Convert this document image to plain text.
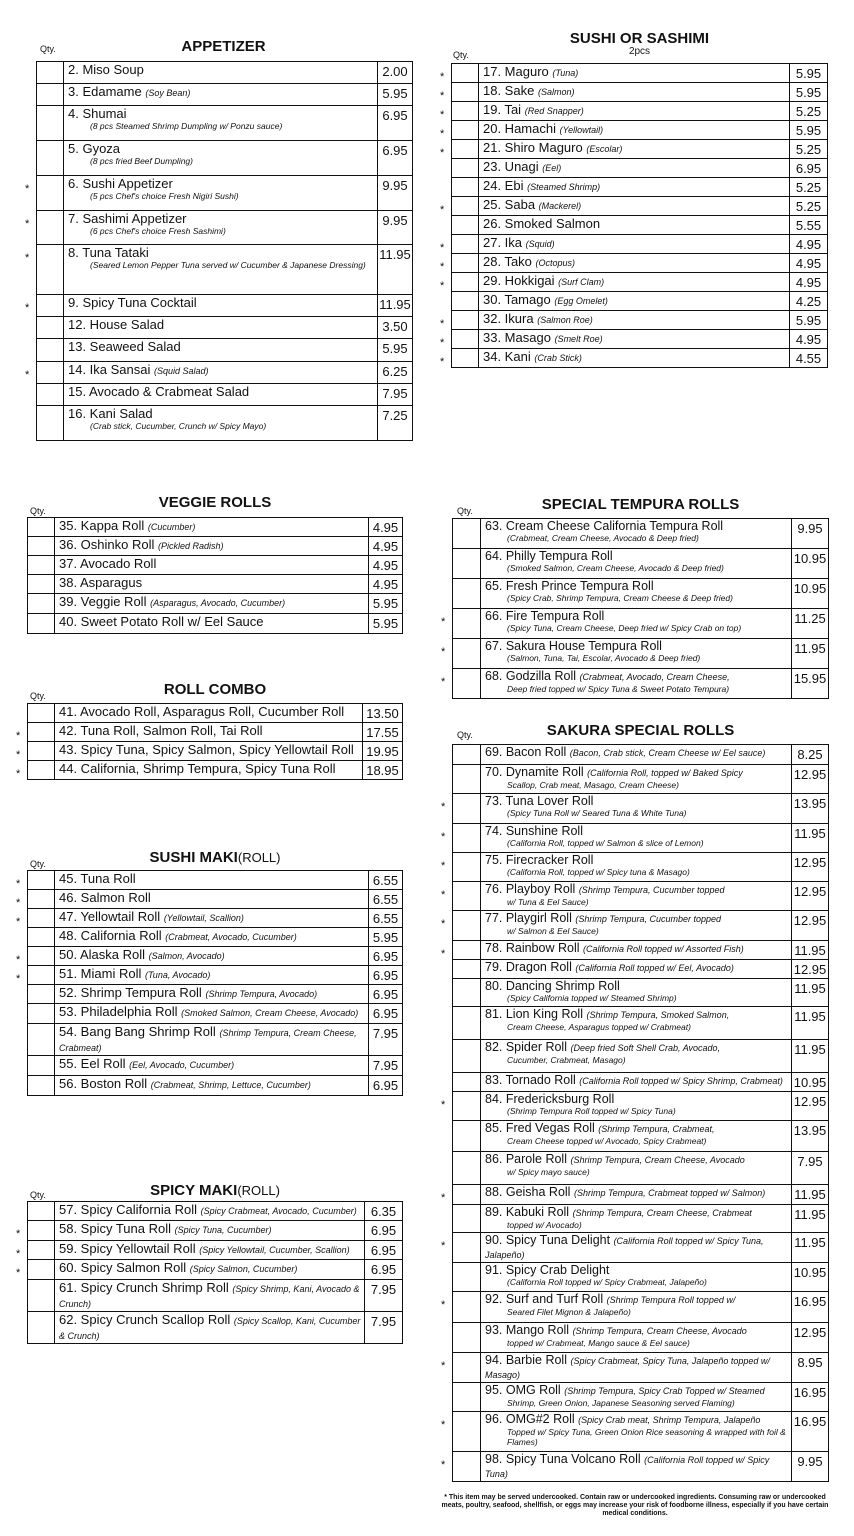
Qty.	APPETIZER
	2. Miso Soup	2.00
	3. Edamame (Soy Bean)	5.95
	4. Shumai
(8 pcs Steamed Shrimp Dumpling w/ Ponzu sauce)	6.95
	5. Gyoza
(8 pcs fried Beef Dumpling)	6.95
*	6. Sushi Appetizer
(5 pcs Chef's choice Fresh Nigiri Sushi)	9.95
*	7. Sashimi Appetizer
(6 pcs Chef's choice Fresh Sashimi)	9.95
*	8. Tuna Tataki
(Seared Lemon Pepper Tuna served w/ Cucumber & Japanese Dressing)	11.95
*	9. Spicy Tuna Cocktail	11.95
	12. House Salad	3.50
	13. Seaweed Salad	5.95
*	14. Ika Sansai (Squid Salad)	6.25
	15. Avocado & Crabmeat Salad	7.95
	16. Kani Salad
(Crab stick, Cucumber, Crunch w/ Spicy Mayo)	7.25
Qty.
SUSHI OR SASHIMI
2pcs
*	17. Maguro (Tuna)	5.95
*	18. Sake (Salmon)	5.95
*	19. Tai (Red Snapper)	5.25
*	20. Hamachi (Yellowtail)	5.95
*	21. Shiro Maguro (Escolar)	5.25
	23. Unagi (Eel)	6.95
	24. Ebi (Steamed Shrimp)	5.25
*	25. Saba (Mackerel)	5.25
	26. Smoked Salmon	5.55
*	27. Ika (Squid)	4.95
*	28. Tako (Octopus)	4.95
*	29. Hokkigai (Surf Clam)	4.95
	30. Tamago (Egg Omelet)	4.25
*	32. Ikura (Salmon Roe)	5.95
*	33. Masago (Smelt Roe)	4.95
*	34. Kani (Crab Stick)	4.55
Qty.	VEGGIE ROLLS
	35. Kappa Roll (Cucumber)	4.95
	36. Oshinko Roll (Pickled Radish)	4.95
	37. Avocado Roll	4.95
	38. Asparagus	4.95
	39. Veggie Roll (Asparagus, Avocado, Cucumber)	5.95
	40. Sweet Potato Roll w/ Eel Sauce	5.95
Qty.	ROLL COMBO
	41. Avocado Roll, Asparagus Roll, Cucumber Roll	13.50
*	42. Tuna Roll, Salmon Roll, Tai Roll	17.55
*	43. Spicy Tuna, Spicy Salmon, Spicy Yellowtail Roll	19.95
*	44. California, Shrimp Tempura, Spicy Tuna Roll	18.95
Qty.	SUSHI MAKI(ROLL)
*	45. Tuna Roll	6.55
*	46. Salmon Roll	6.55
*	47. Yellowtail Roll (Yellowtail, Scallion)	6.55
	48. California Roll (Crabmeat, Avocado, Cucumber)	5.95
*	50. Alaska Roll (Salmon, Avocado)	6.95
*	51. Miami Roll (Tuna, Avocado)	6.95
	52. Shrimp Tempura Roll (Shrimp Tempura, Avocado)	6.95
	53. Philadelphia Roll (Smoked Salmon, Cream Cheese, Avocado)	6.95
	54. Bang Bang Shrimp Roll (Shrimp Tempura, Cream Cheese, Crabmeat)	7.95
	55. Eel Roll (Eel, Avocado, Cucumber)	7.95
	56. Boston Roll (Crabmeat, Shrimp, Lettuce, Cucumber)	6.95
Qty.	SPICY MAKI(ROLL)
	57. Spicy California Roll (Spicy Crabmeat, Avocado, Cucumber)	6.35
*	58. Spicy Tuna Roll (Spicy Tuna, Cucumber)	6.95
*	59. Spicy Yellowtail Roll (Spicy Yellowtail, Cucumber, Scallion)	6.95
*	60. Spicy Salmon Roll (Spicy Salmon, Cucumber)	6.95
	61. Spicy Crunch Shrimp Roll (Spicy Shrimp, Kani, Avocado & Crunch)	7.95
	62. Spicy Crunch Scallop Roll (Spicy Scallop, Kani, Cucumber & Crunch)	7.95
Qty.	SPECIAL TEMPURA ROLLS
	63. Cream Cheese California Tempura Roll
(Crabmeat, Cream Cheese, Avocado & Deep fried)	9.95
	64. Philly Tempura Roll
(Smoked Salmon, Cream Cheese, Avocado & Deep fried)	10.95
	65. Fresh Prince Tempura Roll
(Spicy Crab, Shrimp Tempura, Cream Cheese & Deep fried)	10.95
*	66. Fire Tempura Roll
(Spicy Tuna, Cream Cheese, Deep fried w/ Spicy Crab on top)	11.25
*	67. Sakura House Tempura Roll
(Salmon, Tuna, Tai, Escolar, Avocado & Deep fried)	11.95
*	68. Godzilla Roll (Crabmeat, Avocado, Cream Cheese,
Deep fried topped w/ Spicy Tuna & Sweet Potato Tempura)	15.95
Qty.	SAKURA SPECIAL ROLLS
	69. Bacon Roll (Bacon, Crab stick, Cream Cheese w/ Eel sauce)	8.25
	70. Dynamite Roll (California Roll, topped w/ Baked Spicy
Scallop, Crab meat, Masago, Cream Cheese)	12.95
*	73. Tuna Lover Roll
(Spicy Tuna Roll w/ Seared Tuna & White Tuna)	13.95
*	74. Sunshine Roll
(California Roll, topped w/ Salmon & slice of Lemon)	11.95
*	75. Firecracker Roll
(California Roll, topped w/ Spicy tuna & Masago)	12.95
*	76. Playboy Roll (Shrimp Tempura, Cucumber topped
w/ Tuna & Eel Sauce)	12.95
*	77. Playgirl Roll (Shrimp Tempura, Cucumber topped
w/ Salmon & Eel Sauce)	12.95
*	78. Rainbow Roll (California Roll topped w/ Assorted Fish)	11.95
	79. Dragon Roll (California Roll topped w/ Eel, Avocado)	12.95
	80. Dancing Shrimp Roll
(Spicy California topped w/ Steamed Shrimp)	11.95
	81. Lion King Roll (Shrimp Tempura, Smoked Salmon,
Cream Cheese, Asparagus topped w/ Crabmeat)	11.95
	82. Spider Roll (Deep fried Soft Shell Crab, Avocado,
Cucumber, Crabmeat, Masago)	11.95
	83. Tornado Roll (California Roll topped w/ Spicy Shrimp, Crabmeat)	10.95
*	84. Fredericksburg Roll
(Shrimp Tempura Roll topped w/ Spicy Tuna)	12.95
	85. Fred Vegas Roll (Shrimp Tempura, Crabmeat,
Cream Cheese topped w/ Avocado, Spicy Crabmeat)	13.95
	86. Parole Roll (Shrimp Tempura, Cream Cheese, Avocado
w/ Spicy mayo sauce)	7.95
*	88. Geisha Roll (Shrimp Tempura, Crabmeat topped w/ Salmon)	11.95
	89. Kabuki Roll (Shrimp Tempura, Cream Cheese, Crabmeat
topped w/ Avocado)	11.95
*	90. Spicy Tuna Delight (California Roll topped w/ Spicy Tuna, Jalapeño)	11.95
	91. Spicy Crab Delight
(California Roll topped w/ Spicy Crabmeat, Jalapeño)	10.95
*	92. Surf and Turf Roll (Shrimp Tempura Roll topped w/
Seared Filet Mignon & Jalapeño)	16.95
	93. Mango Roll (Shrimp Tempura, Cream Cheese, Avocado
topped w/ Crabmeat, Mango sauce & Eel sauce)	12.95
*	94. Barbie Roll (Spicy Crabmeat, Spicy Tuna, Jalapeño topped w/ Masago)	8.95
	95. OMG Roll (Shrimp Tempura, Spicy Crab Topped w/ Steamed
Shrimp, Green Onion, Japanese Seasoning served Flaming)	16.95
*	96. OMG#2 Roll (Spicy Crab meat, Shrimp Tempura, Jalapeño
Topped w/ Spicy Tuna, Green Onion Rice seasoning & wrapped with foil & Flames)	16.95
*	98. Spicy Tuna Volcano Roll (California Roll topped w/ Spicy Tuna)	9.95
* This item may be served undercooked. Contain raw or undercooked ingredients. Consuming raw or undercooked meats, poultry, seafood, shellfish, or eggs may increase your risk of foodborne illness, especially if you have certain medical conditions.
